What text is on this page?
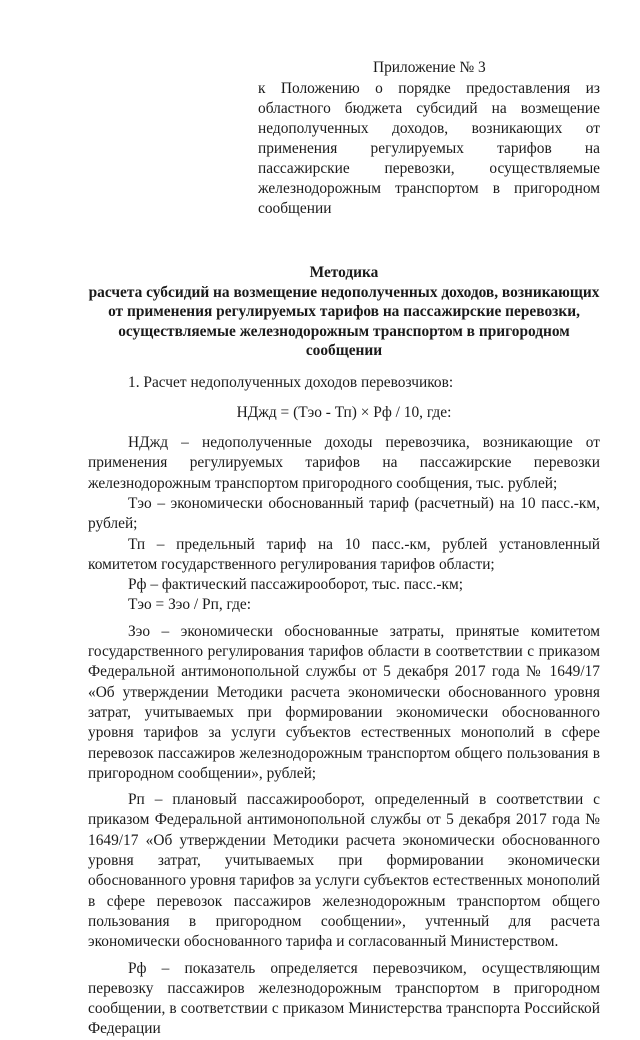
Приложение № 3
к Положению о порядке предоставления из областного бюджета субсидий на возмещение недополученных доходов, возникающих от применения регулируемых тарифов на пассажирские перевозки, осуществляемые железнодорожным транспортом в пригородном сообщении
Методика
расчета субсидий на возмещение недополученных доходов, возникающих от применения регулируемых тарифов на пассажирские перевозки, осуществляемые железнодорожным транспортом в пригородном сообщении

1. Расчет недополученных доходов перевозчиков:

НДжд = (Тэо - Тп) × Рф / 10, где:

НДжд – недополученные доходы перевозчика, возникающие от применения регулируемых тарифов на пассажирские перевозки железнодорожным транспортом пригородного сообщения, тыс. рублей;

Тэо – экономически обоснованный тариф (расчетный) на 10 пасс.-км, рублей;

Тп – предельный тариф на 10 пасс.-км, рублей установленный комитетом государственного регулирования тарифов области;

Рф – фактический пассажирооборот, тыс. пасс.-км;

Тэо = Зэо / Рп, где:

Зэо – экономически обоснованные затраты, принятые комитетом государственного регулирования тарифов области в соответствии с приказом Федеральной антимонопольной службы от 5 декабря 2017 года № 1649/17 «Об утверждении Методики расчета экономически обоснованного уровня затрат, учитываемых при формировании экономически обоснованного уровня тарифов за услуги субъектов естественных монополий в сфере перевозок пассажиров железнодорожным транспортом общего пользования в пригородном сообщении», рублей;

Рп – плановый пассажирооборот, определенный в соответствии с приказом Федеральной антимонопольной службы от 5 декабря 2017 года № 1649/17 «Об утверждении Методики расчета экономически обоснованного уровня затрат, учитываемых при формировании экономически обоснованного уровня тарифов за услуги субъектов естественных монополий в сфере перевозок пассажиров железнодорожным транспортом общего пользования в пригородном сообщении», учтенный для расчета экономически обоснованного тарифа и согласованный Министерством.

Рф – показатель определяется перевозчиком, осуществляющим перевозку пассажиров железнодорожным транспортом в пригородном сообщении, в соответствии с приказом Министерства транспорта Российской Федерации
